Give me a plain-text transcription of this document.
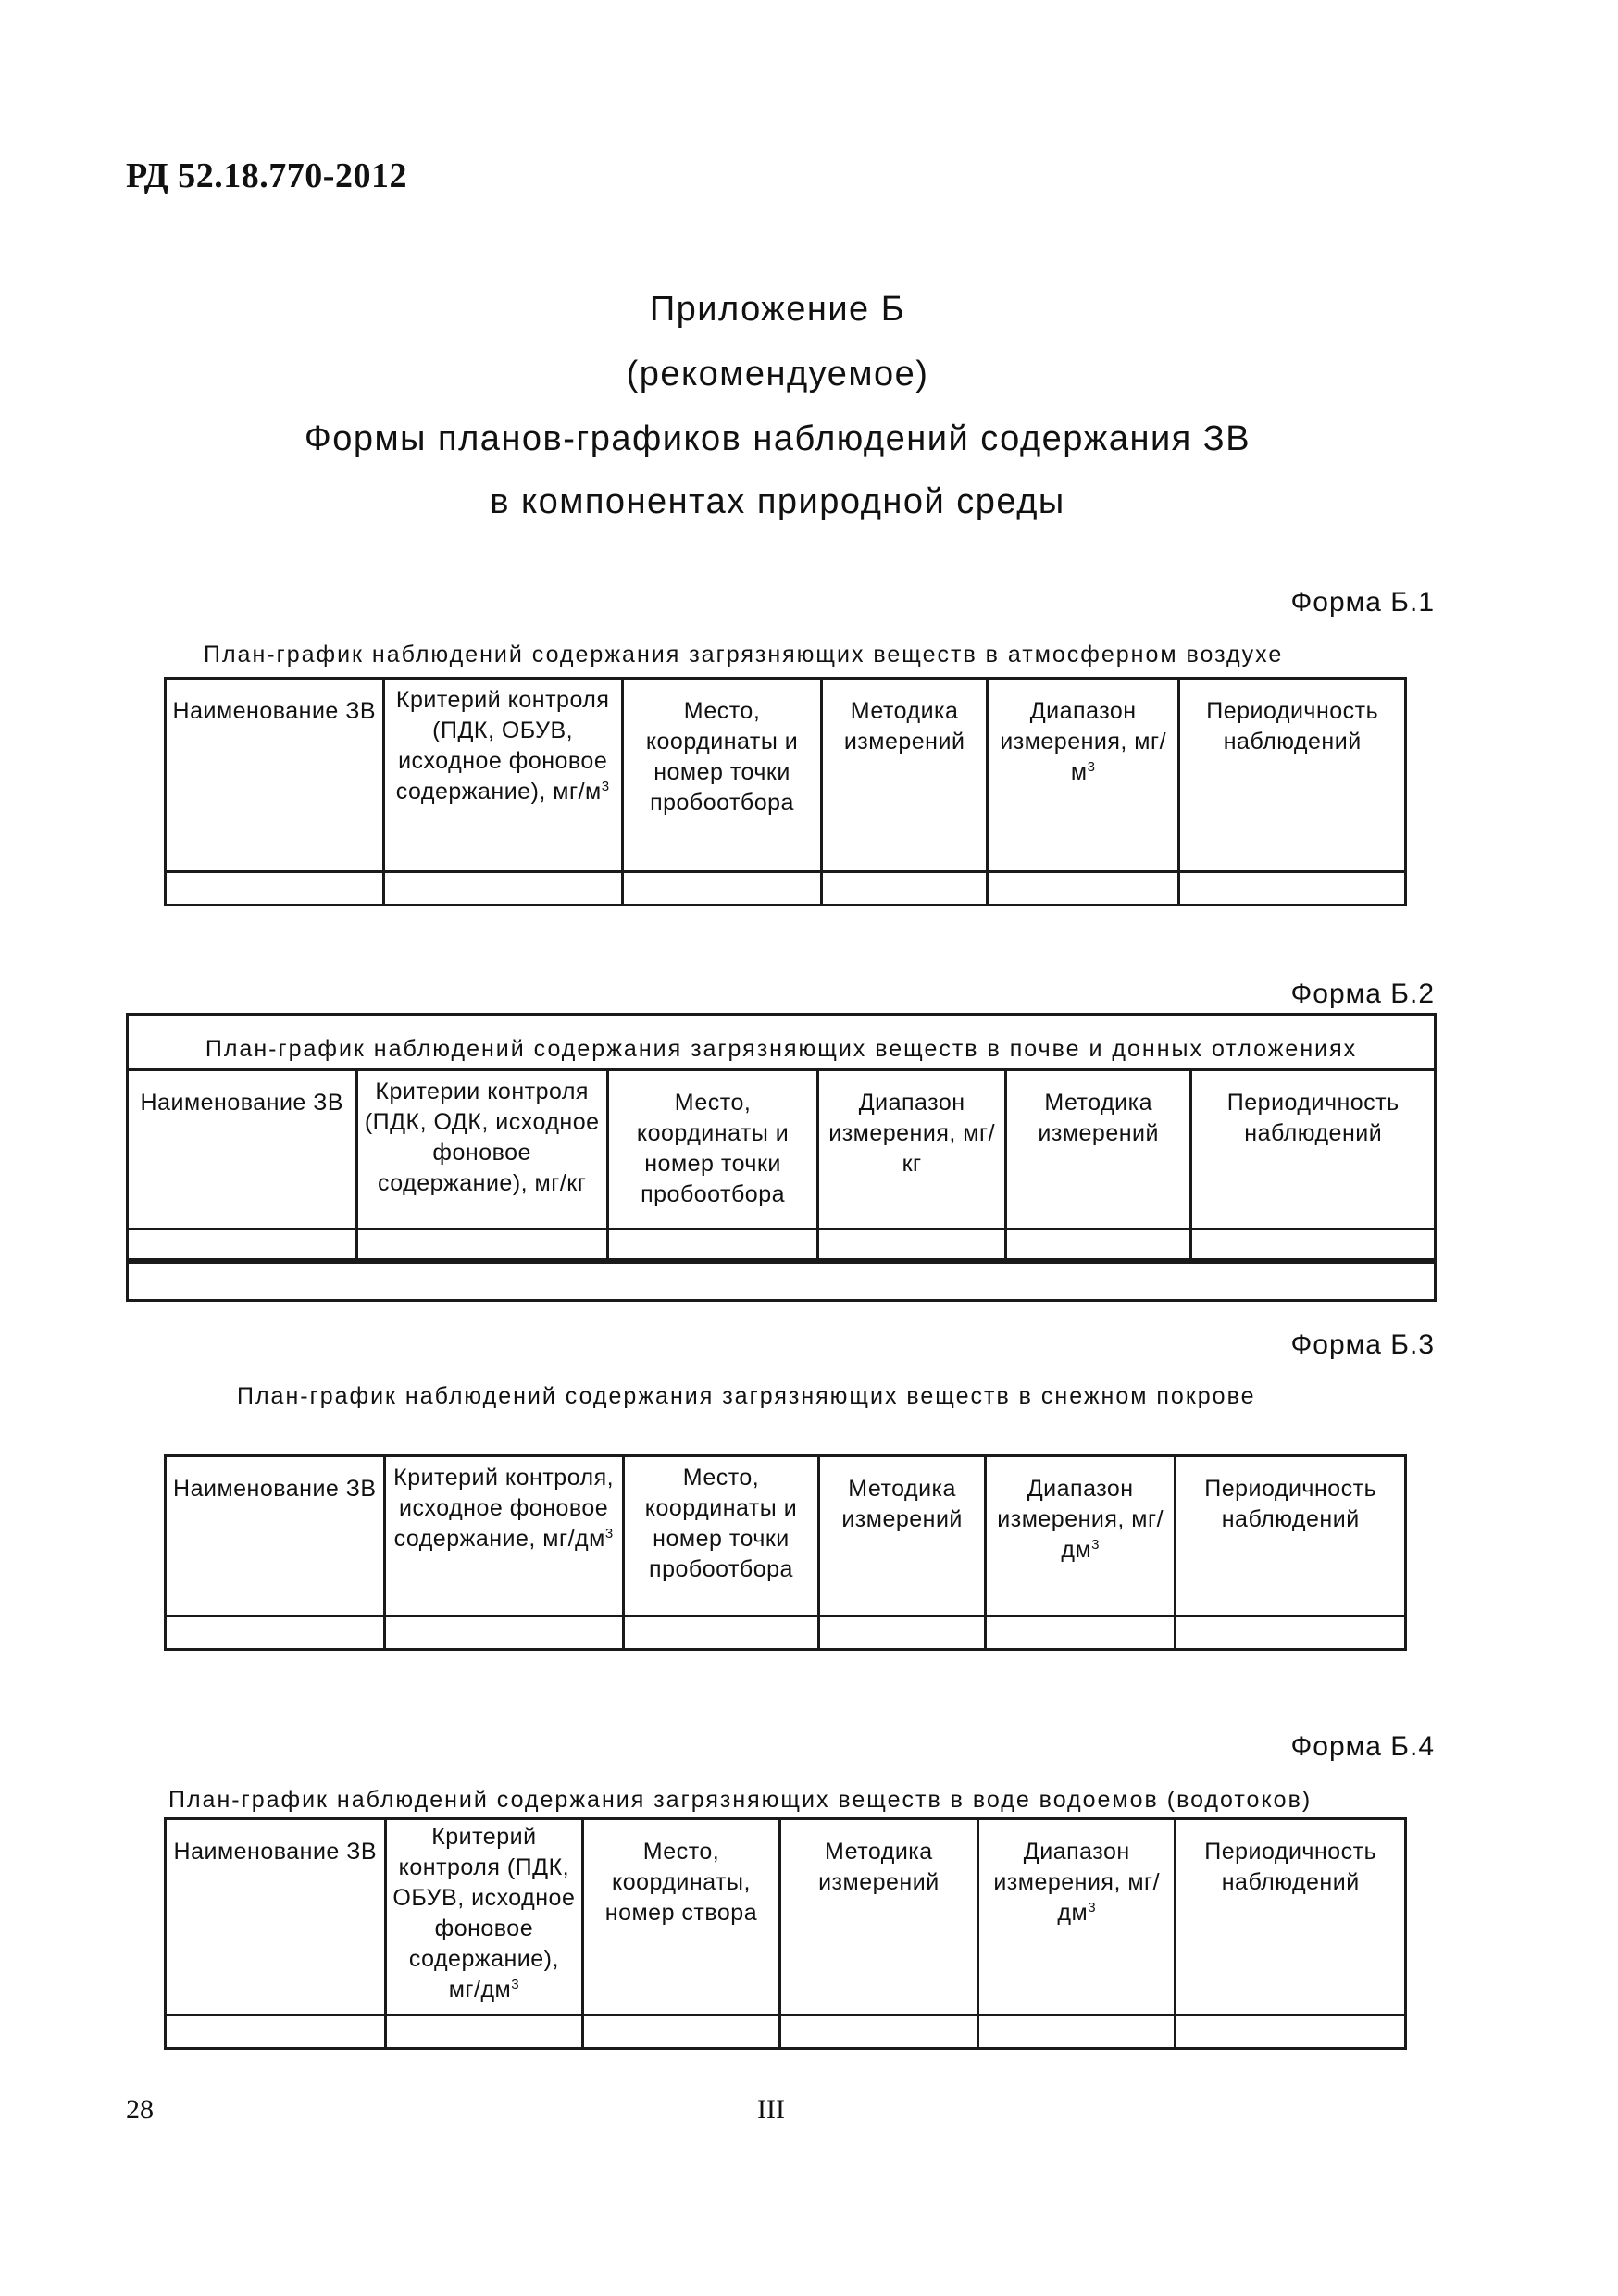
РД 52.18.770-2012
Приложение Б
(рекомендуемое)
Формы планов-графиков наблюдений содержания ЗВ
в компонентах природной среды
Форма Б.1
План-график наблюдений содержания загрязняющих веществ в атмосферном воздухе
Наименование ЗВ	Критерий контроля (ПДК, ОБУВ, исходное фоновое содержание), $мг/м^3$	Место, координаты и номер точки пробоотбора	Методика измерений	Диапазон измерения, $мг/м^3$	Периодичность наблюдений

Форма Б.2
План-график наблюдений содержания загрязняющих веществ в почве и донных отложениях
Наименование ЗВ	Критерии контроля (ПДК, ОДК, исходное фоновое содержание), мг/кг	Место, координаты и номер точки пробоотбора	Диапазон измерения, мг/кг	Методика измерений	Периодичность наблюдений

Форма Б.3
План-график наблюдений содержания загрязняющих веществ в снежном покрове
Наименование ЗВ	Критерий контроля, исходное фоновое содержание, $мг/дм^3$	Место, координаты и номер точки пробоотбора	Методика измерений	Диапазон измерения, $мг/дм^3$	Периодичность наблюдений

Форма Б.4
План-график наблюдений содержания загрязняющих веществ в воде водоемов (водотоков)
Наименование ЗВ	Критерий контроля (ПДК, ОБУВ, исходное фоновое содержание), $мг/дм^3$	Место, координаты, номер створа	Методика измерений	Диапазон измерения, $мг/дм^3$	Периодичность наблюдений

28	III
